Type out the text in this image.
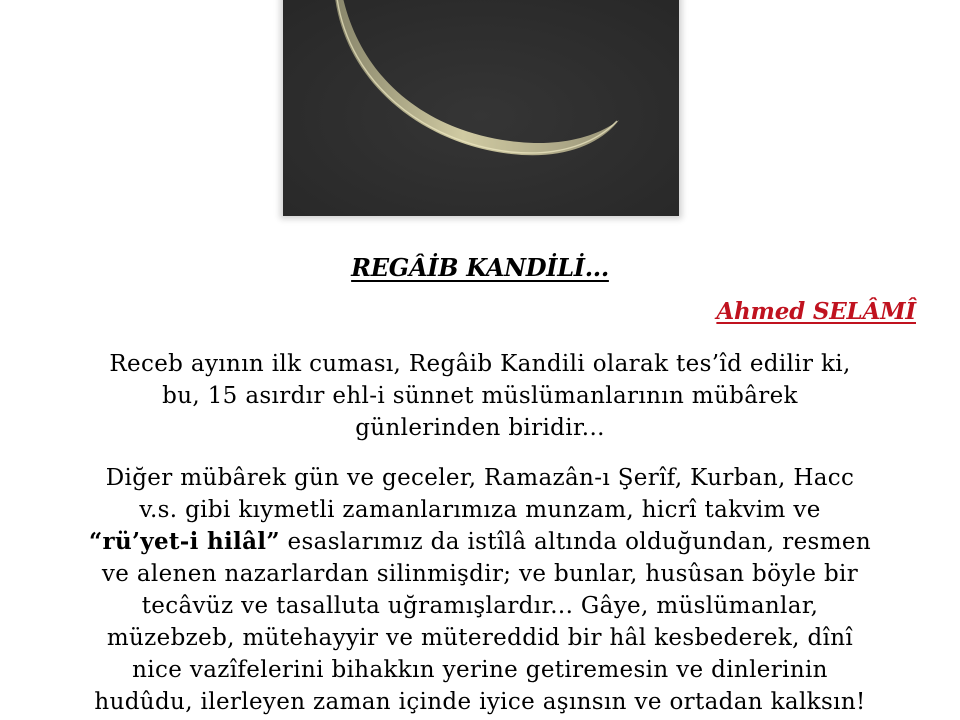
REGÂİB KANDİLİ...
Ahmed SELÂMÎ
Receb ayının ilk cuması, Regâib Kandili olarak tes’îd edilir ki,
bu, 15 asırdır ehl-i sünnet müslümanlarının mübârek
günlerinden biridir...
Diğer mübârek gün ve geceler, Ramazân-ı Şerîf, Kurban, Hacc
v.s. gibi kıymetli zamanlarımıza munzam, hicrî takvim ve
“rü’yet-i hilâl” esaslarımız da istîlâ altında olduğundan, resmen
ve alenen nazarlardan silinmişdir; ve bunlar, husûsan böyle bir
tecâvüz ve tasalluta uğramışlardır... Gâye, müslümanlar,
müzebzeb, mütehayyir ve mütereddid bir hâl kesbederek, dînî
nice vazîfelerini bihakkın yerine getiremesin ve dinlerinin
hudûdu, ilerleyen zaman içinde iyice aşınsın ve ortadan kalksın!
